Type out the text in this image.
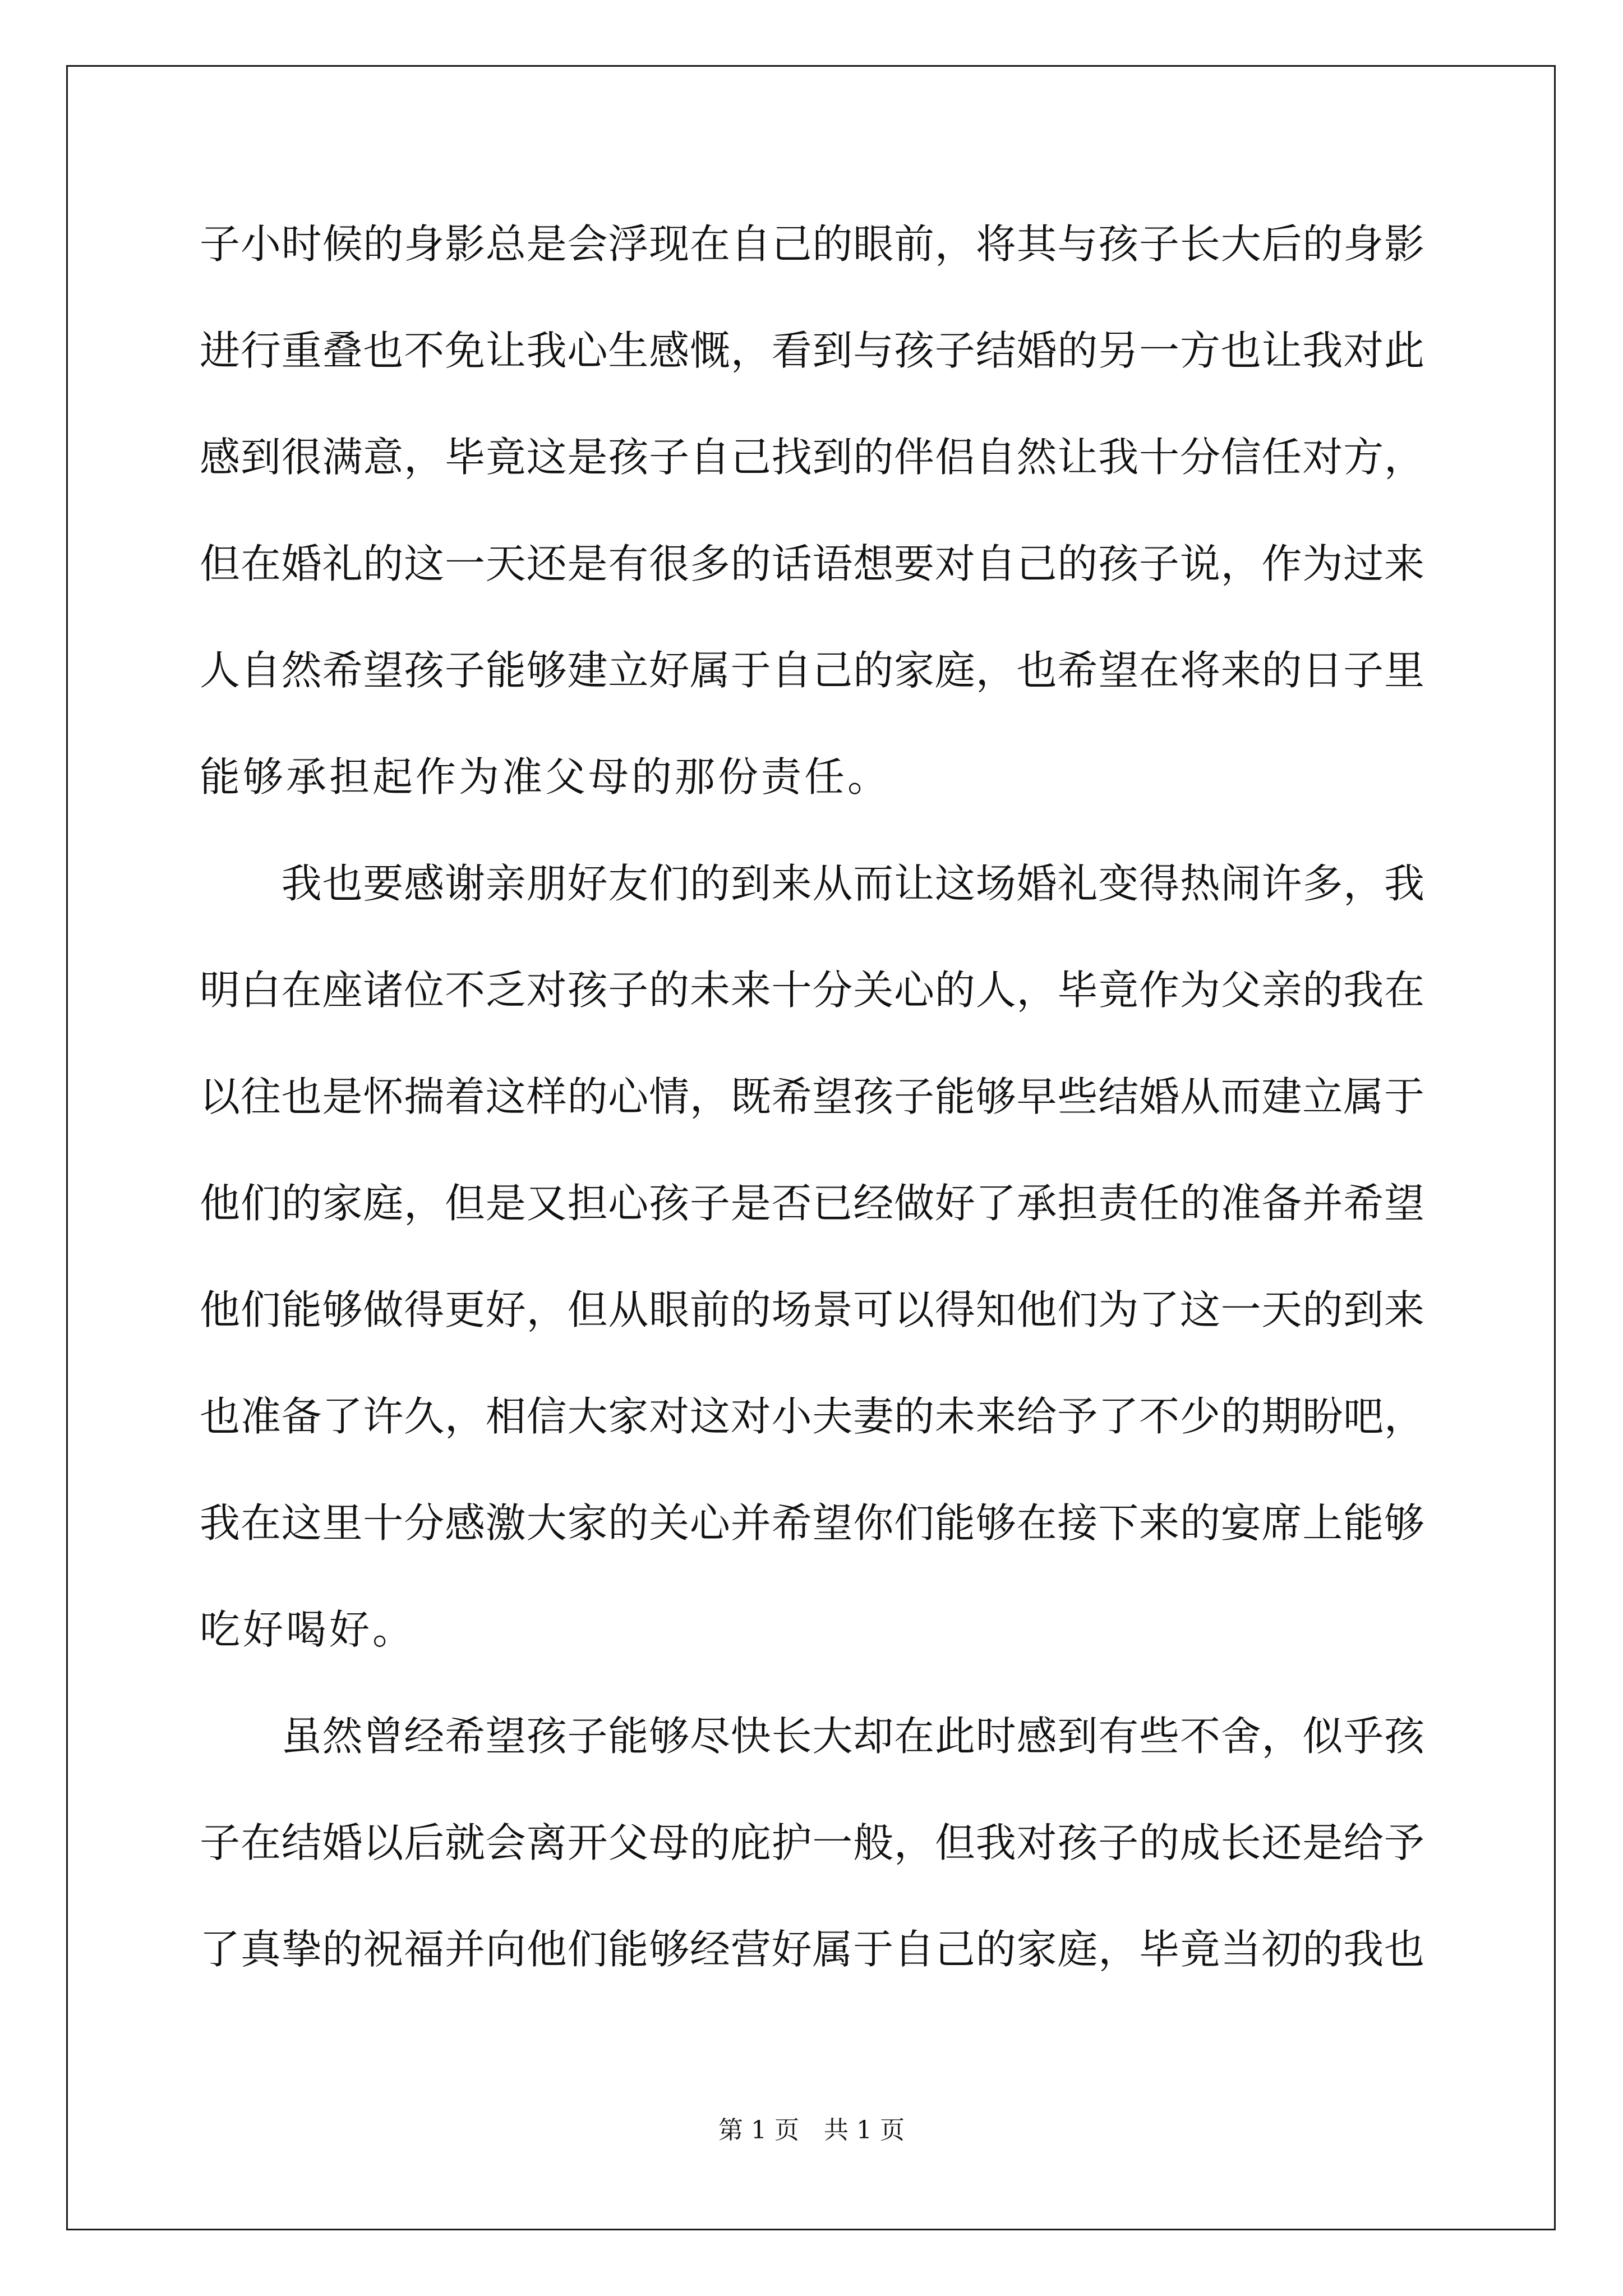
子小时候的身影总是会浮现在自己的眼前，将其与孩子长大后的身影
进行重叠也不免让我心生感慨，看到与孩子结婚的另一方也让我对此
感到很满意，毕竟这是孩子自己找到的伴侣自然让我十分信任对方，
但在婚礼的这一天还是有很多的话语想要对自己的孩子说，作为过来
人自然希望孩子能够建立好属于自己的家庭，也希望在将来的日子里
能够承担起作为准父母的那份责任。
　　我也要感谢亲朋好友们的到来从而让这场婚礼变得热闹许多，我
明白在座诸位不乏对孩子的未来十分关心的人，毕竟作为父亲的我在
以往也是怀揣着这样的心情，既希望孩子能够早些结婚从而建立属于
他们的家庭，但是又担心孩子是否已经做好了承担责任的准备并希望
他们能够做得更好，但从眼前的场景可以得知他们为了这一天的到来
也准备了许久，相信大家对这对小夫妻的未来给予了不少的期盼吧，
我在这里十分感激大家的关心并希望你们能够在接下来的宴席上能够
吃好喝好。
　　虽然曾经希望孩子能够尽快长大却在此时感到有些不舍，似乎孩
子在结婚以后就会离开父母的庇护一般，但我对孩子的成长还是给予
了真挚的祝福并向他们能够经营好属于自己的家庭，毕竟当初的我也
第 1 页　共 1 页
